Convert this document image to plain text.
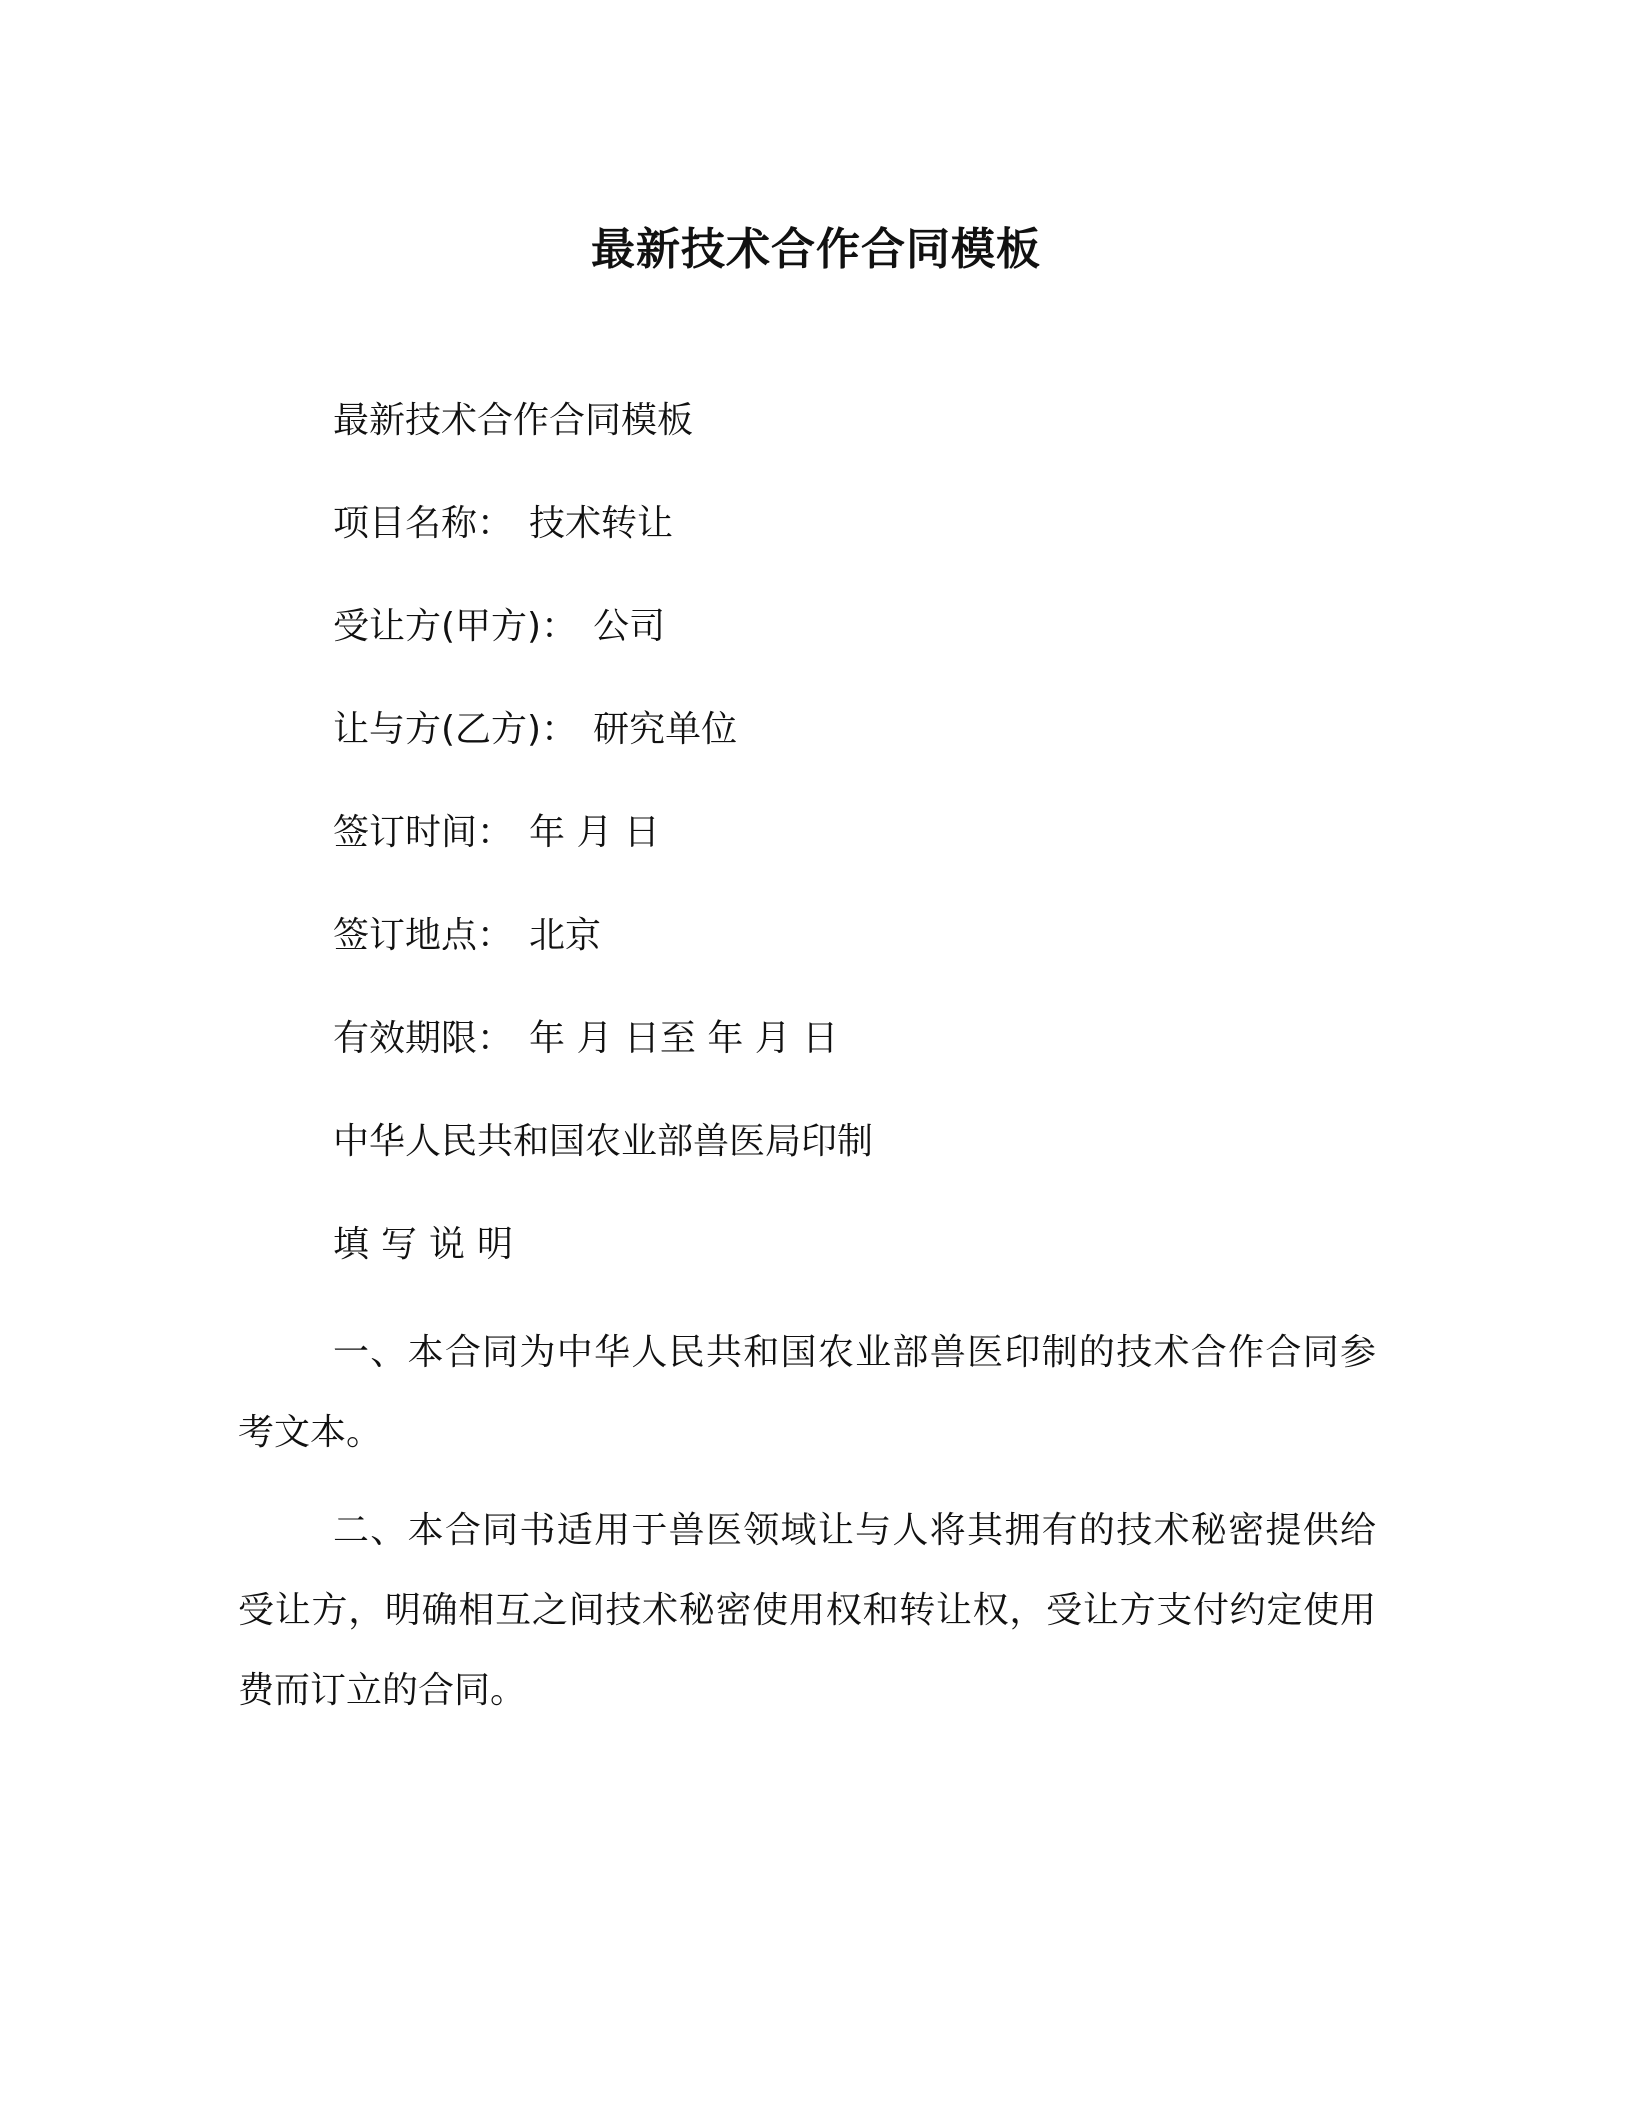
最新技术合作合同模板
最新技术合作合同模板
项目名称： 技术转让
受让方(甲方)： 公司
让与方(乙方)： 研究单位
签订时间： 年 月 日
签订地点： 北京
有效期限： 年 月 日至 年 月 日
中华人民共和国农业部兽医局印制
填写说明

一、本合同为中华人民共和国农业部兽医印制的技术合作合同参考文本。

二、本合同书适用于兽医领域让与人将其拥有的技术秘密提供给受让方，明确相互之间技术秘密使用权和转让权，受让方支付约定使用费而订立的合同。
